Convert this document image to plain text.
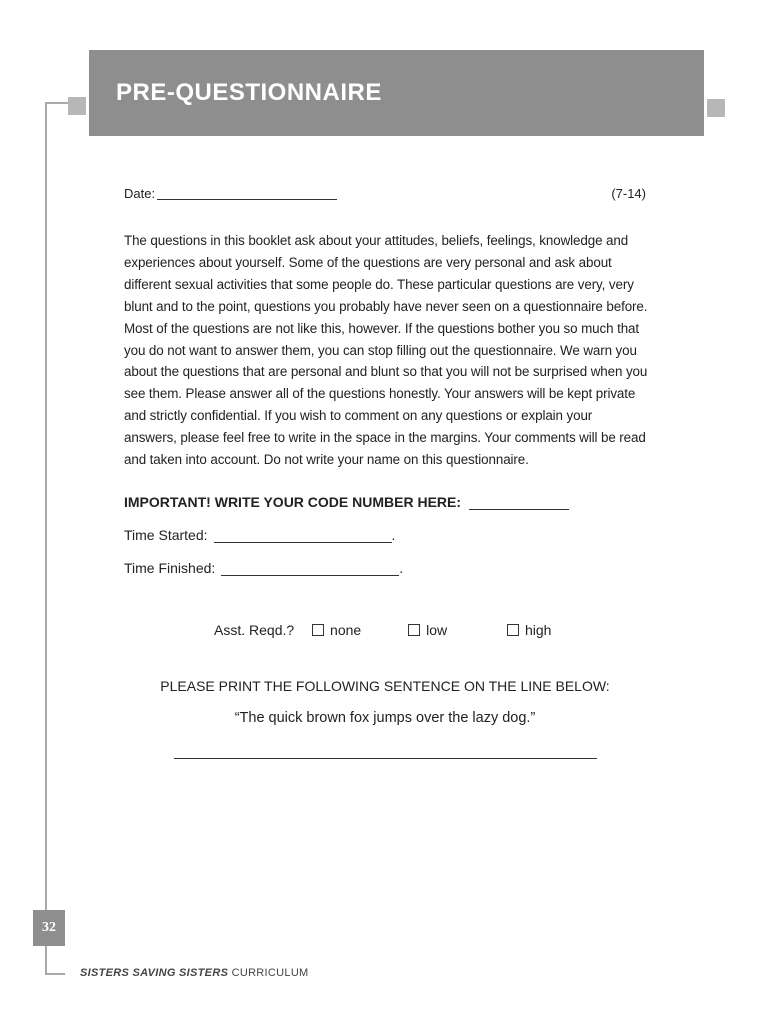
PRE-QUESTIONNAIRE
Date:	(7-14)

The questions in this booklet ask about your attitudes, beliefs, feelings, knowledge and experiences about yourself. Some of the questions are very personal and ask about different sexual activities that some people do. These particular questions are very, very blunt and to the point, questions you probably have never seen on a questionnaire before. Most of the questions are not like this, however. If the questions bother you so much that you do not want to answer them, you can stop filling out the questionnaire. We warn you about the questions that are personal and blunt so that you will not be surprised when you see them. Please answer all of the questions honestly. Your answers will be kept private and strictly confidential. If you wish to comment on any questions or explain your answers, please feel free to write in the space in the margins. Your comments will be read and taken into account. Do not write your name on this questionnaire.

IMPORTANT! WRITE YOUR CODE NUMBER HERE:
Time Started:	.
Time Finished:	.
Asst. Reqd.?	none	low	high
PLEASE PRINT THE FOLLOWING SENTENCE ON THE LINE BELOW:
“The quick brown fox jumps over the lazy dog.”
32
SISTERS SAVING SISTERS CURRICULUM
